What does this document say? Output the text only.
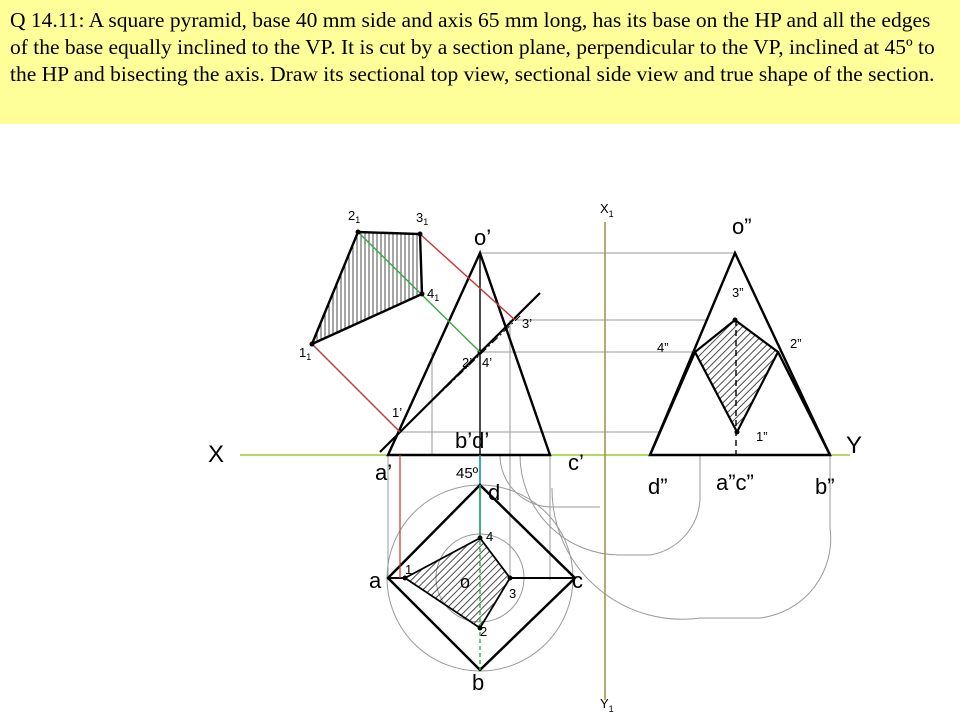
Q 14.11: A square pyramid, base 40 mm side and axis 65 mm long, has its base on the HP and all the edges of the base equally inclined to the VP. It is cut by a section plane, perpendicular to the VP, inclined at 45º to the HP and bisecting the axis. Draw its sectional top view, sectional side view and true shape of the section.

X	Y
$X_1$
$Y_1$
o’
b’d’
a’	c’
45º
1’
2’ 4’
3’
$1_1$
$2_1$	$3_1$
$4_1$
o”
3”
4”	2”
1”
d” a”c”	b”
d
a	o	c
b
1
2
3
4
